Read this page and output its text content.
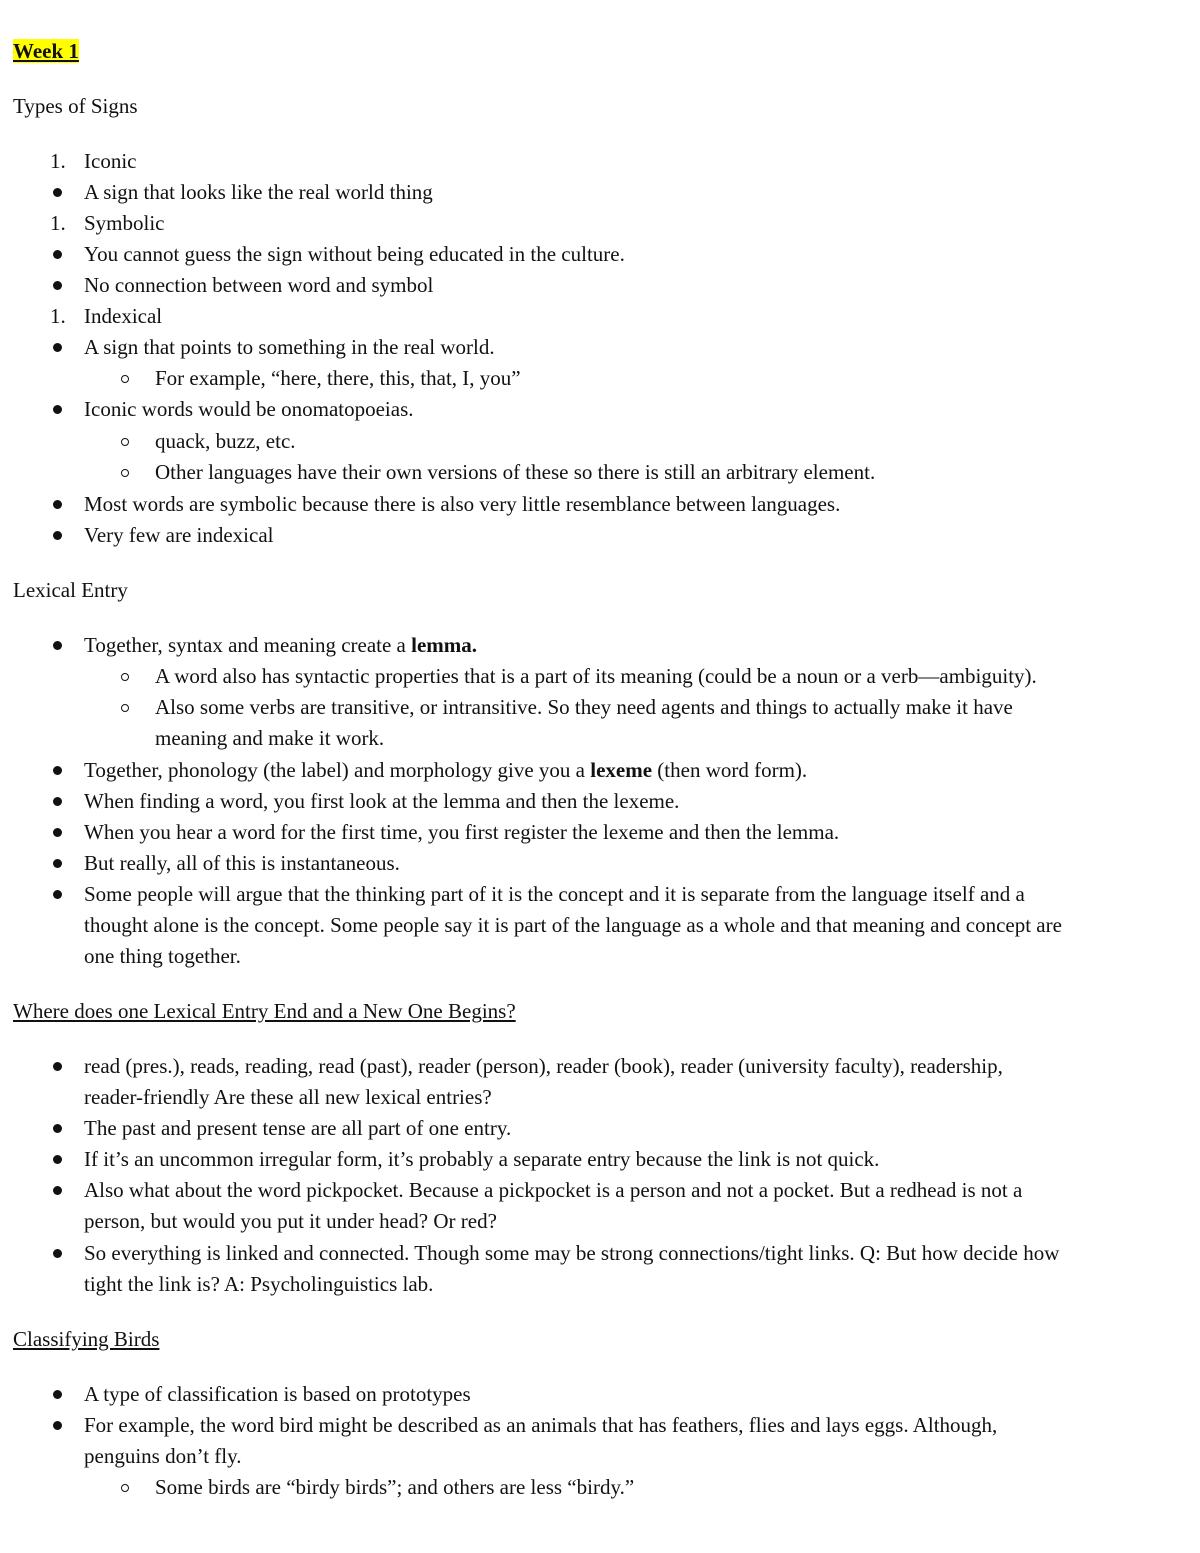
Week 1
Types of Signs
1. Iconic
A sign that looks like the real world thing
1. Symbolic
You cannot guess the sign without being educated in the culture.
No connection between word and symbol
1. Indexical
A sign that points to something in the real world.
For example, “here, there, this, that, I, you”
Iconic words would be onomatopoeias.
quack, buzz, etc.
Other languages have their own versions of these so there is still an arbitrary element.
Most words are symbolic because there is also very little resemblance between languages.
Very few are indexical
Lexical Entry
Together, syntax and meaning create a lemma.
A word also has syntactic properties that is a part of its meaning (could be a noun or a verb—ambiguity).
Also some verbs are transitive, or intransitive. So they need agents and things to actually make it have
meaning and make it work.
Together, phonology (the label) and morphology give you a lexeme (then word form).
When finding a word, you first look at the lemma and then the lexeme.
When you hear a word for the first time, you first register the lexeme and then the lemma.
But really, all of this is instantaneous.
Some people will argue that the thinking part of it is the concept and it is separate from the language itself and a
thought alone is the concept. Some people say it is part of the language as a whole and that meaning and concept are
one thing together.
Where does one Lexical Entry End and a New One Begins?
read (pres.), reads, reading, read (past), reader (person), reader (book), reader (university faculty), readership,
reader-friendly Are these all new lexical entries?
The past and present tense are all part of one entry.
If it’s an uncommon irregular form, it’s probably a separate entry because the link is not quick.
Also what about the word pickpocket. Because a pickpocket is a person and not a pocket. But a redhead is not a
person, but would you put it under head? Or red?
So everything is linked and connected. Though some may be strong connections/tight links. Q: But how decide how
tight the link is? A: Psycholinguistics lab.
Classifying Birds
A type of classification is based on prototypes
For example, the word bird might be described as an animals that has feathers, flies and lays eggs. Although,
penguins don’t fly.
Some birds are “birdy birds”; and others are less “birdy.”
